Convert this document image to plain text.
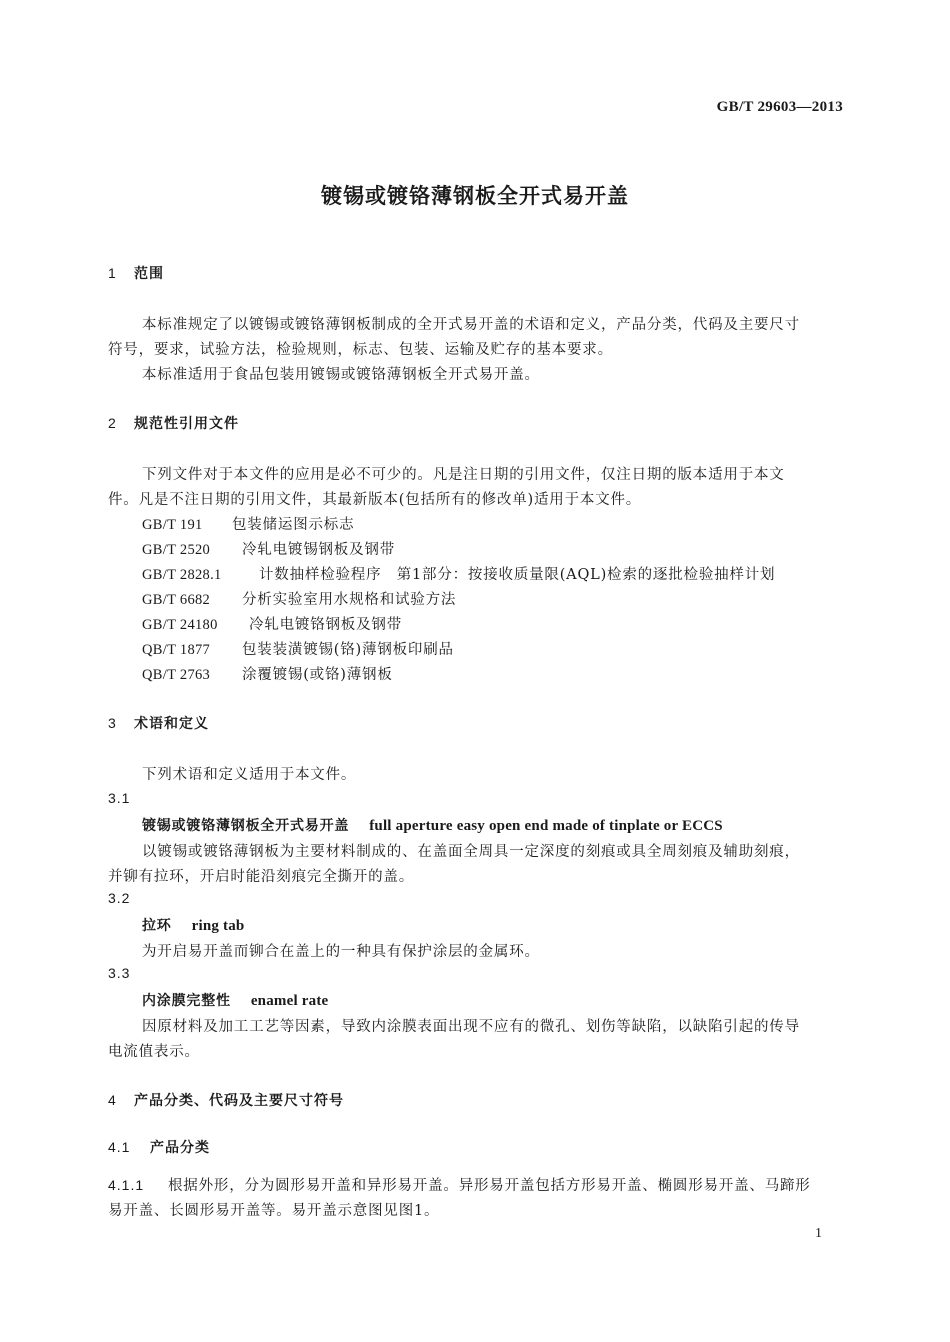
GB/T 29603—2013
镀锡或镀铬薄钢板全开式易开盖
1 范围
本标准规定了以镀锡或镀铬薄钢板制成的全开式易开盖的术语和定义，产品分类，代码及主要尺寸
符号，要求，试验方法，检验规则，标志、包装、运输及贮存的基本要求。
本标准适用于食品包装用镀锡或镀铬薄钢板全开式易开盖。
2 规范性引用文件
下列文件对于本文件的应用是必不可少的。凡是注日期的引用文件，仅注日期的版本适用于本文
件。凡是不注日期的引用文件，其最新版本(包括所有的修改单)适用于本文件。
GB/T 191 包装储运图示标志
GB/T 2520 冷轧电镀锡钢板及钢带
GB/T 2828.1	计数抽样检验程序　第1部分：按接收质量限(AQL)检索的逐批检验抽样计划
GB/T 6682 分析实验室用水规格和试验方法
GB/T 24180 冷轧电镀铬钢板及钢带
QB/T 1877 包装装潢镀锡(铬)薄钢板印刷品
QB/T 2763 涂覆镀锡(或铬)薄钢板
3 术语和定义
下列术语和定义适用于本文件。
3.1
镀锡或镀铬薄钢板全开式易开盖 full aperture easy open end made of tinplate or ECCS
以镀锡或镀铬薄钢板为主要材料制成的、在盖面全周具一定深度的刻痕或具全周刻痕及辅助刻痕，
并铆有拉环，开启时能沿刻痕完全撕开的盖。
3.2
拉环 ring tab
为开启易开盖而铆合在盖上的一种具有保护涂层的金属环。
3.3
内涂膜完整性 enamel rate
因原材料及加工工艺等因素，导致内涂膜表面出现不应有的微孔、划伤等缺陷，以缺陷引起的传导
电流值表示。
4 产品分类、代码及主要尺寸符号
4.1 产品分类
4.1.1 根据外形，分为圆形易开盖和异形易开盖。异形易开盖包括方形易开盖、椭圆形易开盖、马蹄形
易开盖、长圆形易开盖等。易开盖示意图见图1。
1
